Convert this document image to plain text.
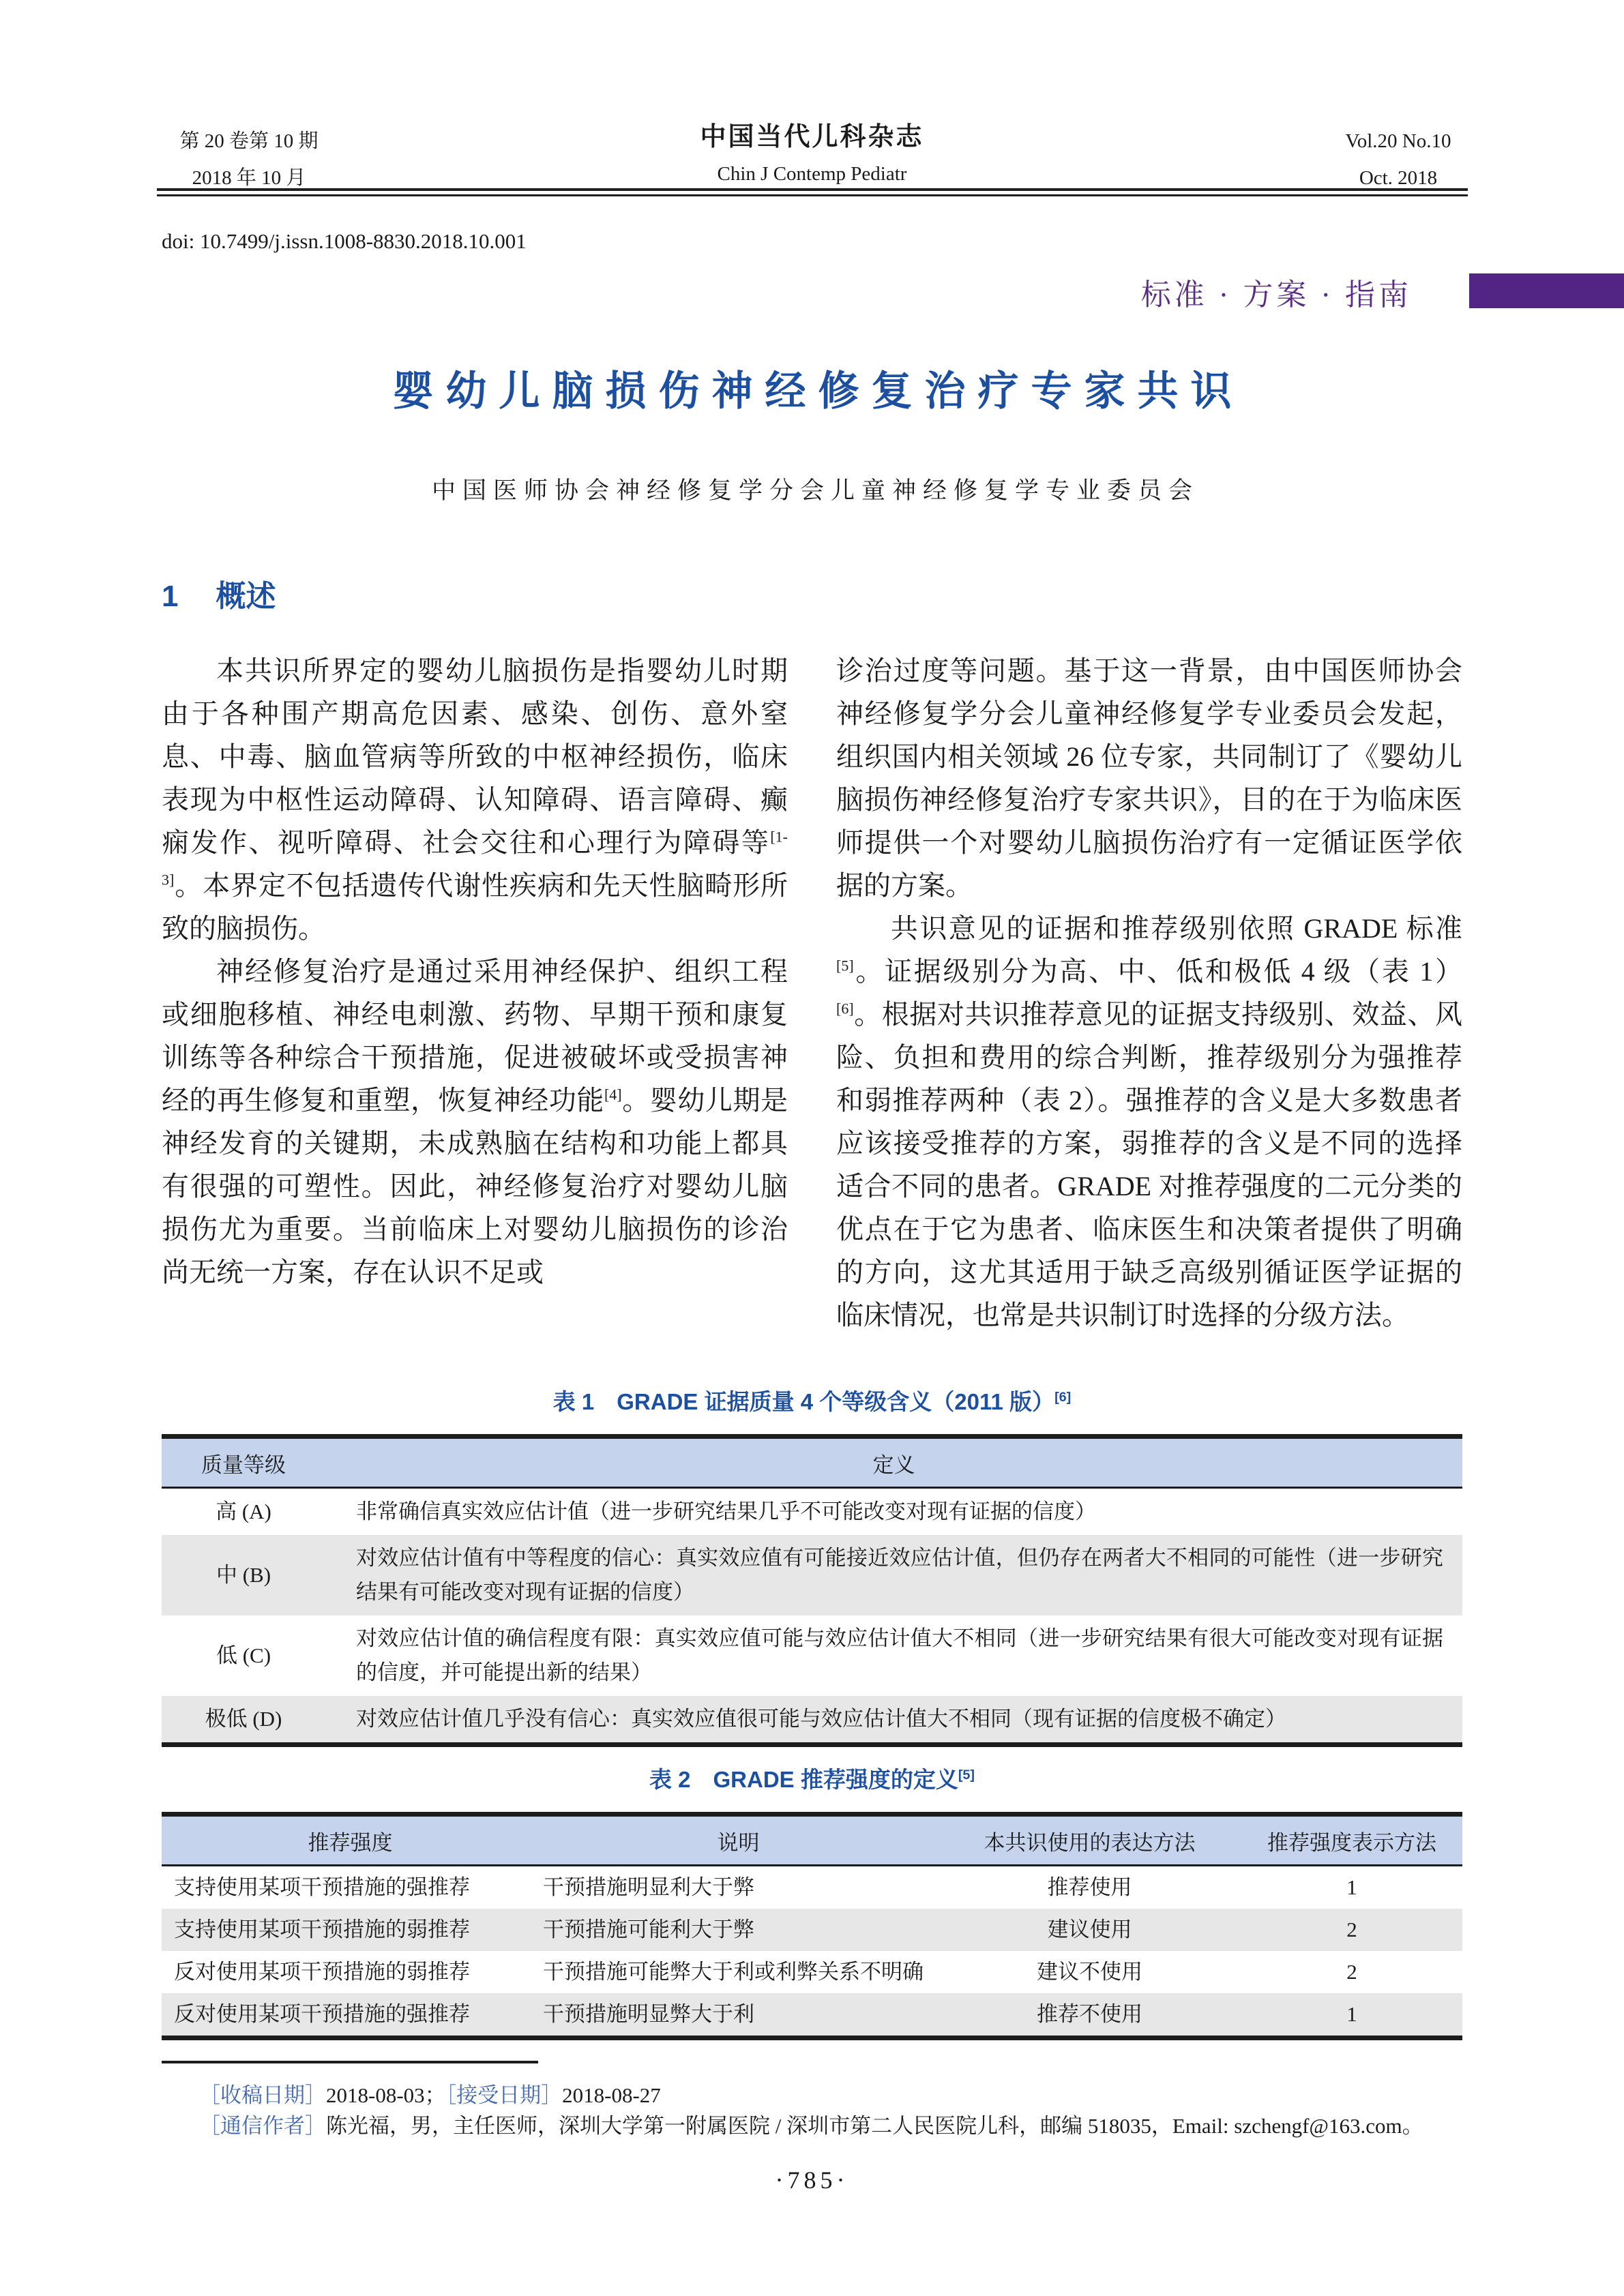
第 20 卷第 10 期
2018 年 10 月
中国当代儿科杂志
Chin J Contemp Pediatr
Vol.20 No.10
Oct. 2018
doi: 10.7499/j.issn.1008-8830.2018.10.001
标准 · 方案 · 指南
婴幼儿脑损伤神经修复治疗专家共识
中国医师协会神经修复学分会儿童神经修复学专业委员会
1 概述

本共识所界定的婴幼儿脑损伤是指婴幼儿时期由于各种围产期高危因素、感染、创伤、意外窒息、中毒、脑血管病等所致的中枢神经损伤，临床表现为中枢性运动障碍、认知障碍、语言障碍、癫痫发作、视听障碍、社会交往和心理行为障碍等[1-3]。本界定不包括遗传代谢性疾病和先天性脑畸形所致的脑损伤。

神经修复治疗是通过采用神经保护、组织工程或细胞移植、神经电刺激、药物、早期干预和康复训练等各种综合干预措施，促进被破坏或受损害神经的再生修复和重塑，恢复神经功能[4]。婴幼儿期是神经发育的关键期，未成熟脑在结构和功能上都具有很强的可塑性。因此，神经修复治疗对婴幼儿脑损伤尤为重要。当前临床上对婴幼儿脑损伤的诊治尚无统一方案，存在认识不足或

诊治过度等问题。基于这一背景，由中国医师协会神经修复学分会儿童神经修复学专业委员会发起，组织国内相关领域 26 位专家，共同制订了《婴幼儿脑损伤神经修复治疗专家共识》，目的在于为临床医师提供一个对婴幼儿脑损伤治疗有一定循证医学依据的方案。

共识意见的证据和推荐级别依照 GRADE 标准[5]。证据级别分为高、中、低和极低 4 级（表 1）[6]。根据对共识推荐意见的证据支持级别、效益、风险、负担和费用的综合判断，推荐级别分为强推荐和弱推荐两种（表 2）。强推荐的含义是大多数患者应该接受推荐的方案，弱推荐的含义是不同的选择适合不同的患者。GRADE 对推荐强度的二元分类的优点在于它为患者、临床医生和决策者提供了明确的方向，这尤其适用于缺乏高级别循证医学证据的临床情况，也常是共识制订时选择的分级方法。

表 1　GRADE 证据质量 4 个等级含义（2011 版）[6]
质量等级	定义
高 (A)	非常确信真实效应估计值（进一步研究结果几乎不可能改变对现有证据的信度）
中 (B)	对效应估计值有中等程度的信心：真实效应值有可能接近效应估计值，但仍存在两者大不相同的可能性（进一步研究结果有可能改变对现有证据的信度）
低 (C)	对效应估计值的确信程度有限：真实效应值可能与效应估计值大不相同（进一步研究结果有很大可能改变对现有证据的信度，并可能提出新的结果）
极低 (D)	对效应估计值几乎没有信心：真实效应值很可能与效应估计值大不相同（现有证据的信度极不确定）
表 2　GRADE 推荐强度的定义[5]
推荐强度	说明	本共识使用的表达方法	推荐强度表示方法
支持使用某项干预措施的强推荐	干预措施明显利大于弊	推荐使用	1
支持使用某项干预措施的弱推荐	干预措施可能利大于弊	建议使用	2
反对使用某项干预措施的弱推荐	干预措施可能弊大于利或利弊关系不明确	建议不使用	2
反对使用某项干预措施的强推荐	干预措施明显弊大于利	推荐不使用	1
［收稿日期］2018-08-03；［接受日期］2018-08-27
［通信作者］陈光福，男，主任医师，深圳大学第一附属医院 / 深圳市第二人民医院儿科，邮编 518035，Email: szchengf@163.com。
·785·
